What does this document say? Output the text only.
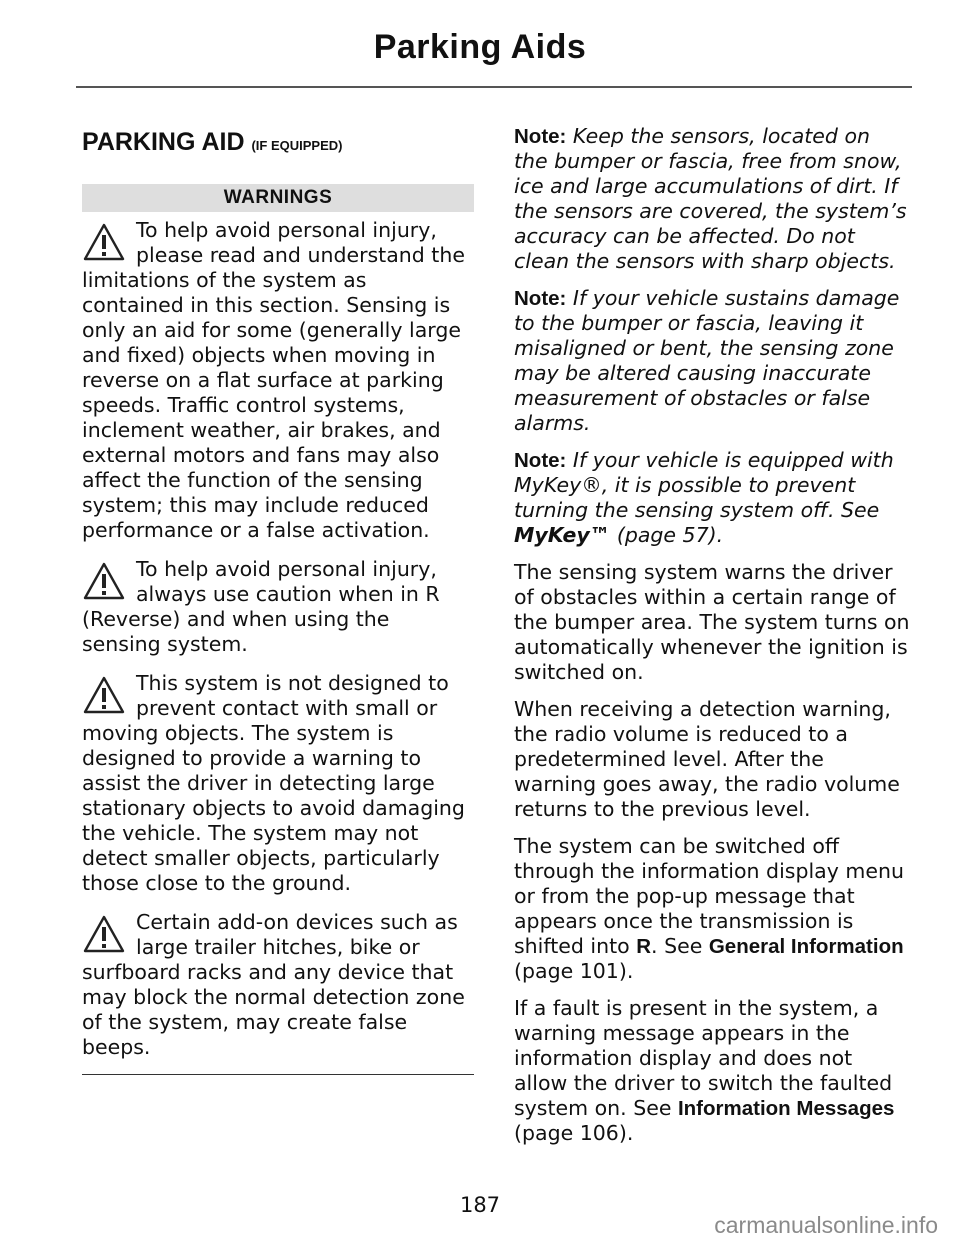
Parking Aids
PARKING AID (IF EQUIPPED)
WARNINGS
To help avoid personal injury, please read and understand the limitations of the system as contained in this section. Sensing is only an aid for some (generally large and fixed) objects when moving in reverse on a flat surface at parking speeds. Traffic control systems, inclement weather, air brakes, and external motors and fans may also affect the function of the sensing system; this may include reduced performance or a false activation.
To help avoid personal injury, always use caution when in R (Reverse) and when using the sensing system.
This system is not designed to prevent contact with small or moving objects. The system is designed to provide a warning to assist the driver in detecting large stationary objects to avoid damaging the vehicle. The system may not detect smaller objects, particularly those close to the ground.
Certain add-on devices such as large trailer hitches, bike or surfboard racks and any device that may block the normal detection zone of the system, may create false beeps.

Note: Keep the sensors, located on the bumper or fascia, free from snow, ice and large accumulations of dirt. If the sensors are covered, the system’s accuracy can be affected. Do not clean the sensors with sharp objects.

Note: If your vehicle sustains damage to the bumper or fascia, leaving it misaligned or bent, the sensing zone may be altered causing inaccurate measurement of obstacles or false alarms.

Note: If your vehicle is equipped with MyKey®, it is possible to prevent turning the sensing system off. See MyKey™ (page 57).

The sensing system warns the driver of obstacles within a certain range of the bumper area. The system turns on automatically whenever the ignition is switched on.

When receiving a detection warning, the radio volume is reduced to a predetermined level. After the warning goes away, the radio volume returns to the previous level.

The system can be switched off through the information display menu or from the pop-up message that appears once the transmission is shifted into R. See General Information (page 101).

If a fault is present in the system, a warning message appears in the information display and does not allow the driver to switch the faulted system on. See Information Messages (page 106).

187
carmanualsonline.info
